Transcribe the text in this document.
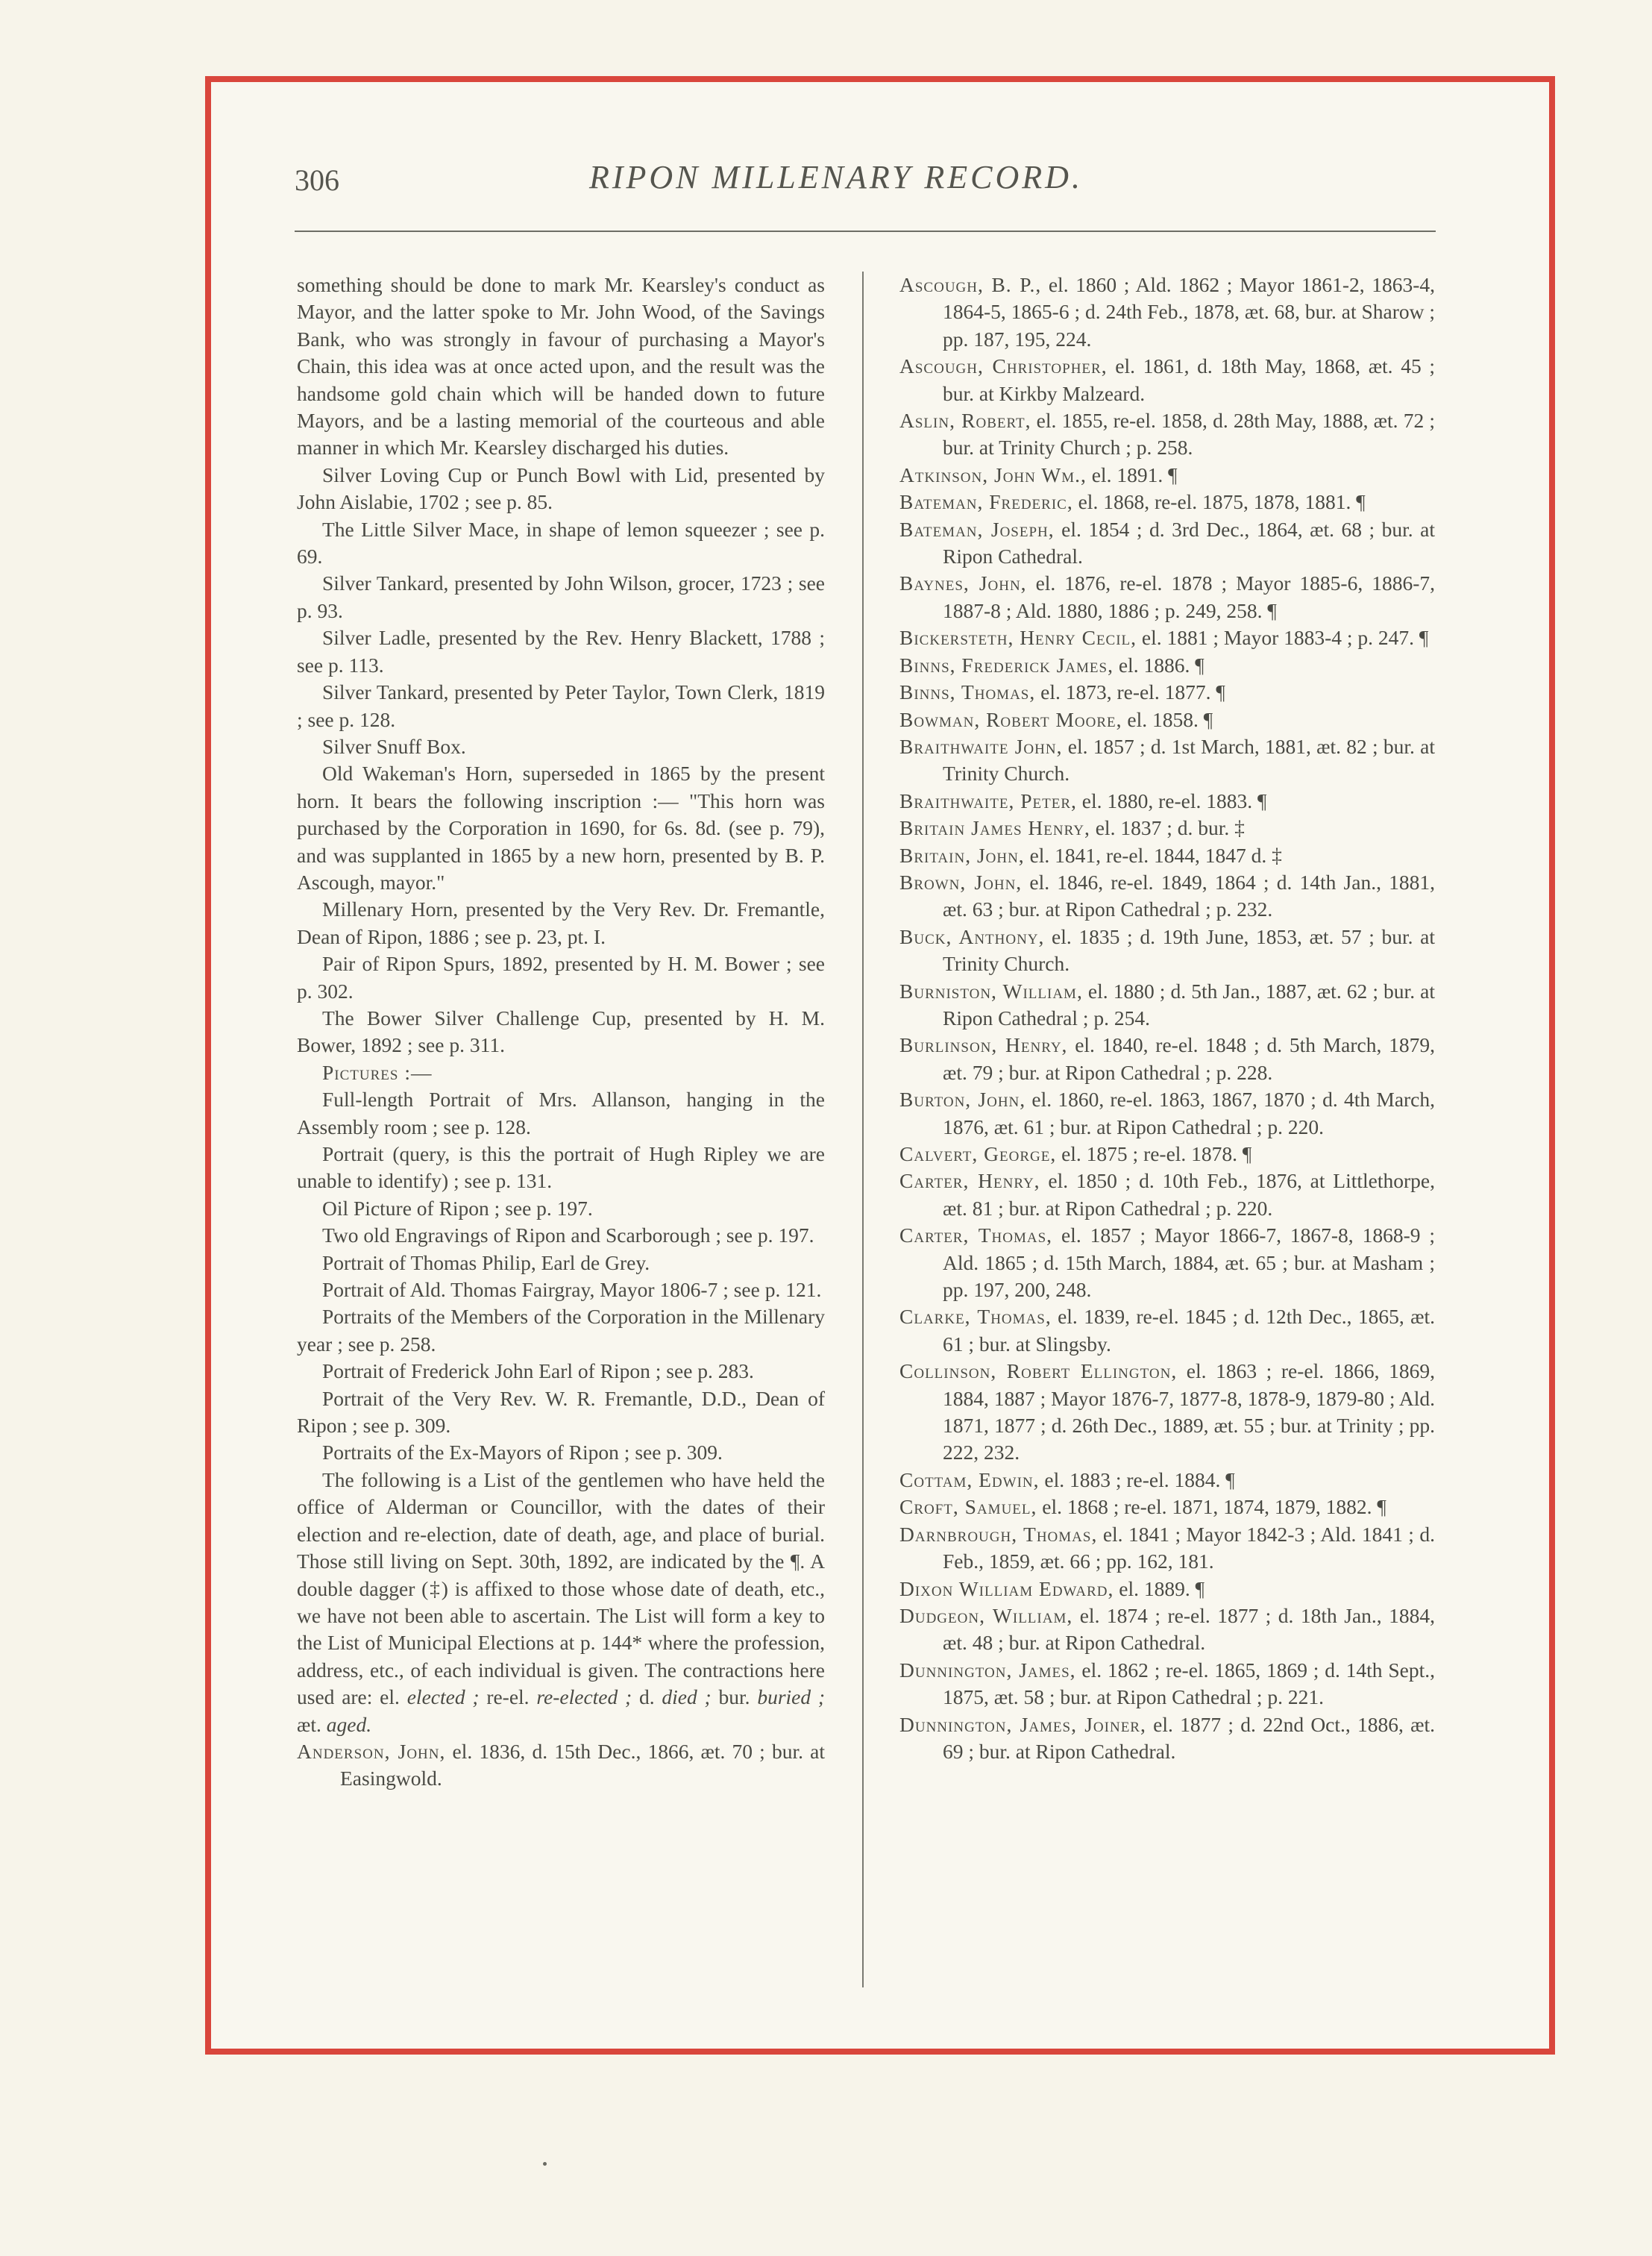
306	RIPON MILLENARY RECORD.

something should be done to mark Mr. Kearsley's conduct as Mayor, and the latter spoke to Mr. John Wood, of the Savings Bank, who was strongly in favour of purchasing a Mayor's Chain, this idea was at once acted upon, and the result was the handsome gold chain which will be handed down to future Mayors, and be a lasting memorial of the courteous and able manner in which Mr. Kearsley discharged his duties.

Silver Loving Cup or Punch Bowl with Lid, presented by John Aislabie, 1702 ; see p. 85.

The Little Silver Mace, in shape of lemon squeezer ; see p. 69.

Silver Tankard, presented by John Wilson, grocer, 1723 ; see p. 93.

Silver Ladle, presented by the Rev. Henry Blackett, 1788 ; see p. 113.

Silver Tankard, presented by Peter Taylor, Town Clerk, 1819 ; see p. 128.

Silver Snuff Box.

Old Wakeman's Horn, superseded in 1865 by the present horn. It bears the following inscription :— "This horn was purchased by the Corporation in 1690, for 6s. 8d. (see p. 79), and was supplanted in 1865 by a new horn, presented by B. P. Ascough, mayor."

Millenary Horn, presented by the Very Rev. Dr. Fremantle, Dean of Ripon, 1886 ; see p. 23, pt. I.

Pair of Ripon Spurs, 1892, presented by H. M. Bower ; see p. 302.

The Bower Silver Challenge Cup, presented by H. M. Bower, 1892 ; see p. 311.

Pictures :—

Full-length Portrait of Mrs. Allanson, hanging in the Assembly room ; see p. 128.

Portrait (query, is this the portrait of Hugh Ripley we are unable to identify) ; see p. 131.

Oil Picture of Ripon ; see p. 197.

Two old Engravings of Ripon and Scarborough ; see p. 197.

Portrait of Thomas Philip, Earl de Grey.

Portrait of Ald. Thomas Fairgray, Mayor 1806-7 ; see p. 121.

Portraits of the Members of the Corporation in the Millenary year ; see p. 258.

Portrait of Frederick John Earl of Ripon ; see p. 283.

Portrait of the Very Rev. W. R. Fremantle, D.D., Dean of Ripon ; see p. 309.

Portraits of the Ex-Mayors of Ripon ; see p. 309.

The following is a List of the gentlemen who have held the office of Alderman or Councillor, with the dates of their election and re-election, date of death, age, and place of burial. Those still living on Sept. 30th, 1892, are indicated by the ¶. A double dagger (‡) is affixed to those whose date of death, etc., we have not been able to ascertain. The List will form a key to the List of Municipal Elections at p. 144* where the profession, address, etc., of each individual is given. The contractions here used are: el. elected ; re-el. re-elected ; d. died ; bur. buried ; æt. aged.

Anderson, John, el. 1836, d. 15th Dec., 1866, æt. 70 ; bur. at Easingwold.

Ascough, B. P., el. 1860 ; Ald. 1862 ; Mayor 1861-2, 1863-4, 1864-5, 1865-6 ; d. 24th Feb., 1878, æt. 68, bur. at Sharow ; pp. 187, 195, 224.

Ascough, Christopher, el. 1861, d. 18th May, 1868, æt. 45 ; bur. at Kirkby Malzeard.

Aslin, Robert, el. 1855, re-el. 1858, d. 28th May, 1888, æt. 72 ; bur. at Trinity Church ; p. 258.

Atkinson, John Wm., el. 1891. ¶

Bateman, Frederic, el. 1868, re-el. 1875, 1878, 1881. ¶

Bateman, Joseph, el. 1854 ; d. 3rd Dec., 1864, æt. 68 ; bur. at Ripon Cathedral.

Baynes, John, el. 1876, re-el. 1878 ; Mayor 1885-6, 1886-7, 1887-8 ; Ald. 1880, 1886 ; p. 249, 258. ¶

Bickersteth, Henry Cecil, el. 1881 ; Mayor 1883-4 ; p. 247. ¶

Binns, Frederick James, el. 1886. ¶

Binns, Thomas, el. 1873, re-el. 1877. ¶

Bowman, Robert Moore, el. 1858. ¶

Braithwaite John, el. 1857 ; d. 1st March, 1881, æt. 82 ; bur. at Trinity Church.

Braithwaite, Peter, el. 1880, re-el. 1883. ¶

Britain James Henry, el. 1837 ; d. bur. ‡

Britain, John, el. 1841, re-el. 1844, 1847 d. ‡

Brown, John, el. 1846, re-el. 1849, 1864 ; d. 14th Jan., 1881, æt. 63 ; bur. at Ripon Cathedral ; p. 232.

Buck, Anthony, el. 1835 ; d. 19th June, 1853, æt. 57 ; bur. at Trinity Church.

Burniston, William, el. 1880 ; d. 5th Jan., 1887, æt. 62 ; bur. at Ripon Cathedral ; p. 254.

Burlinson, Henry, el. 1840, re-el. 1848 ; d. 5th March, 1879, æt. 79 ; bur. at Ripon Cathedral ; p. 228.

Burton, John, el. 1860, re-el. 1863, 1867, 1870 ; d. 4th March, 1876, æt. 61 ; bur. at Ripon Cathedral ; p. 220.

Calvert, George, el. 1875 ; re-el. 1878. ¶

Carter, Henry, el. 1850 ; d. 10th Feb., 1876, at Littlethorpe, æt. 81 ; bur. at Ripon Cathedral ; p. 220.

Carter, Thomas, el. 1857 ; Mayor 1866-7, 1867-8, 1868-9 ; Ald. 1865 ; d. 15th March, 1884, æt. 65 ; bur. at Masham ; pp. 197, 200, 248.

Clarke, Thomas, el. 1839, re-el. 1845 ; d. 12th Dec., 1865, æt. 61 ; bur. at Slingsby.

Collinson, Robert Ellington, el. 1863 ; re-el. 1866, 1869, 1884, 1887 ; Mayor 1876-7, 1877-8, 1878-9, 1879-80 ; Ald. 1871, 1877 ; d. 26th Dec., 1889, æt. 55 ; bur. at Trinity ; pp. 222, 232.

Cottam, Edwin, el. 1883 ; re-el. 1884. ¶

Croft, Samuel, el. 1868 ; re-el. 1871, 1874, 1879, 1882. ¶

Darnbrough, Thomas, el. 1841 ; Mayor 1842-3 ; Ald. 1841 ; d. Feb., 1859, æt. 66 ; pp. 162, 181.

Dixon William Edward, el. 1889. ¶

Dudgeon, William, el. 1874 ; re-el. 1877 ; d. 18th Jan., 1884, æt. 48 ; bur. at Ripon Cathedral.

Dunnington, James, el. 1862 ; re-el. 1865, 1869 ; d. 14th Sept., 1875, æt. 58 ; bur. at Ripon Cathedral ; p. 221.

Dunnington, James, Joiner, el. 1877 ; d. 22nd Oct., 1886, æt. 69 ; bur. at Ripon Cathedral.
